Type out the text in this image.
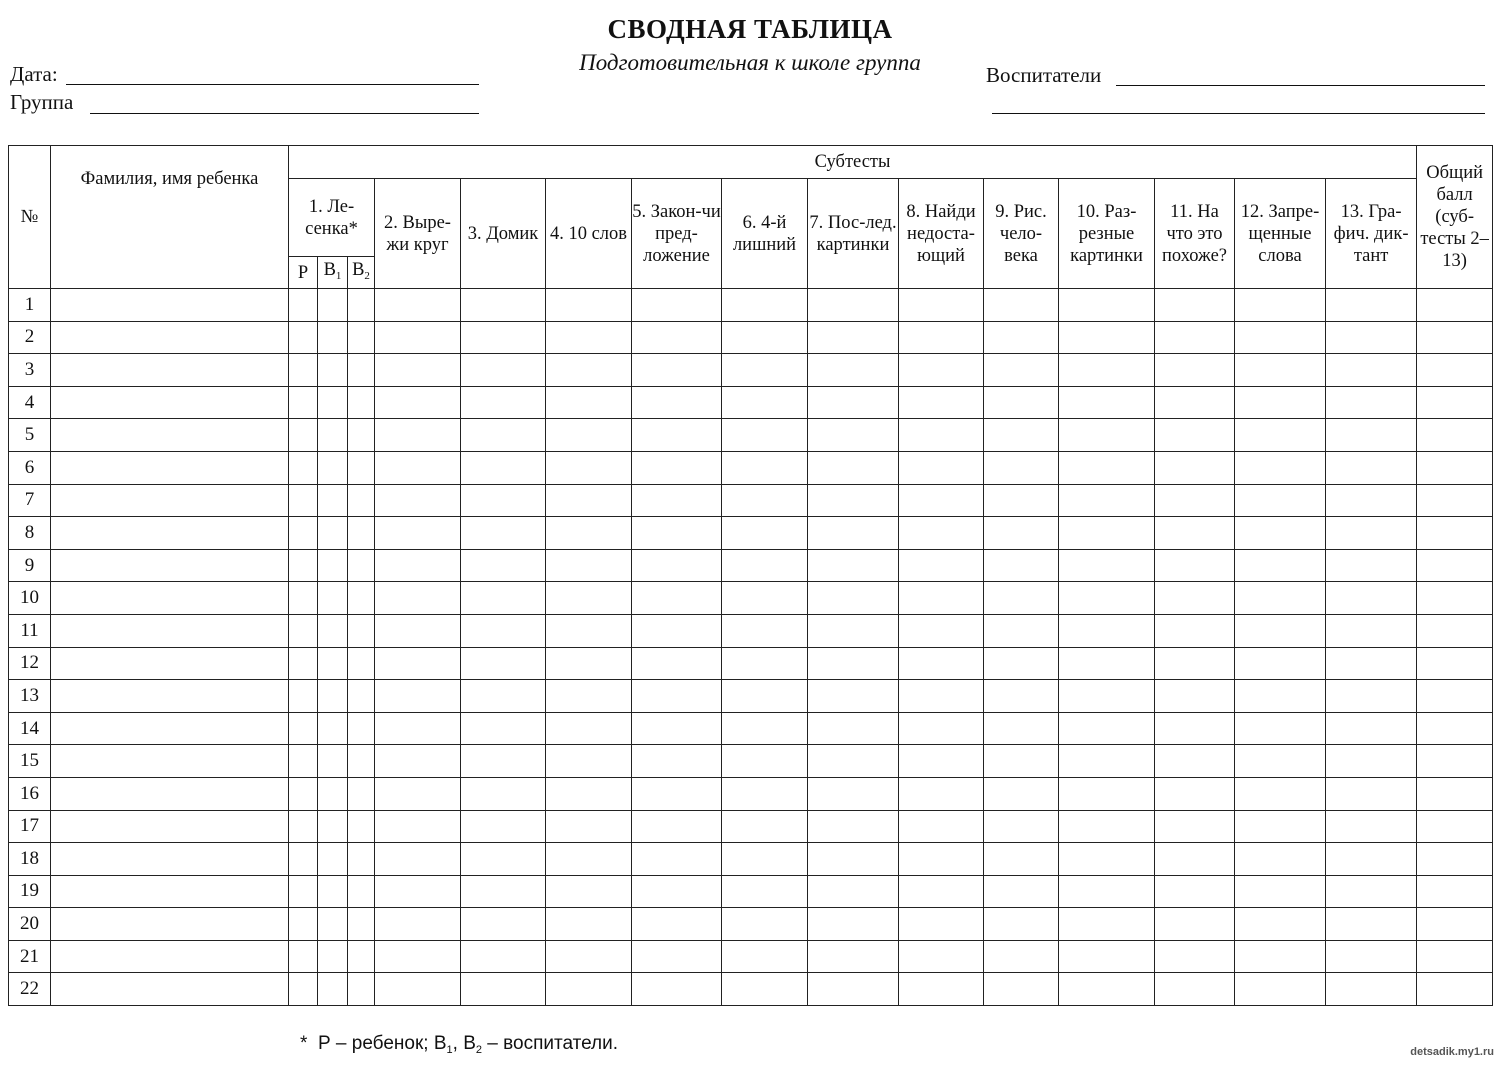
СВОДНАЯ ТАБЛИЦА
Подготовительная к школе группа
Дата:
Группа
Воспитатели
№	Фамилия, имя ребенка	Субтесты															Общий балл (суб-тесты 2–13)
		1. Ле-сенка*			2. Выре-жи круг	3. Домик	4. 10 слов	5. Закон-чи пред-ложение	6. 4-й лишний	7. Пос-лед. картинки	8. Найди недоста-ющий	9. Рис. чело-века	10. Раз-резные картинки	11. На что это похоже?	12. Запре-щенные слова	13. Гра-фич. дик-тант	
		Р	$В_1$	$В_2$
1																	
2																	
3																	
4																	
5																	
6																	
7																	
8																	
9																	
10																	
11																	
12																	
13																	
14																	
15																	
16																	
17																	
18																	
19																	
20																	
21																	
22																	
* Р – ребенок; $В_1$, $В_2$ – воспитатели.	detsadik.my1.ru
